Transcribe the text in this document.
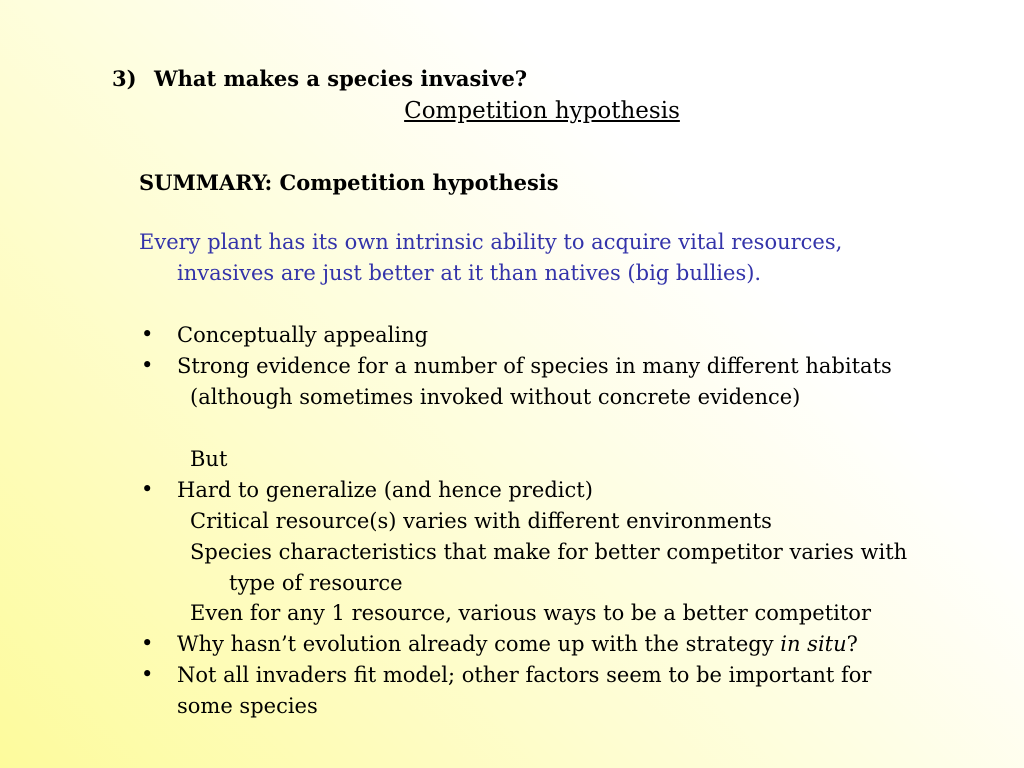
3) What makes a species invasive?
Competition hypothesis
SUMMARY: Competition hypothesis
Every plant has its own intrinsic ability to acquire vital resources,
invasives are just better at it than natives (big bullies).
• Conceptually appealing
• Strong evidence for a number of species in many different habitats
(although sometimes invoked without concrete evidence)
But
• Hard to generalize (and hence predict)
Critical resource(s) varies with different environments
Species characteristics that make for better competitor varies with
type of resource
Even for any 1 resource, various ways to be a better competitor
• Why hasn’t evolution already come up with the strategy in situ?
• Not all invaders fit model; other factors seem to be important for
some species
